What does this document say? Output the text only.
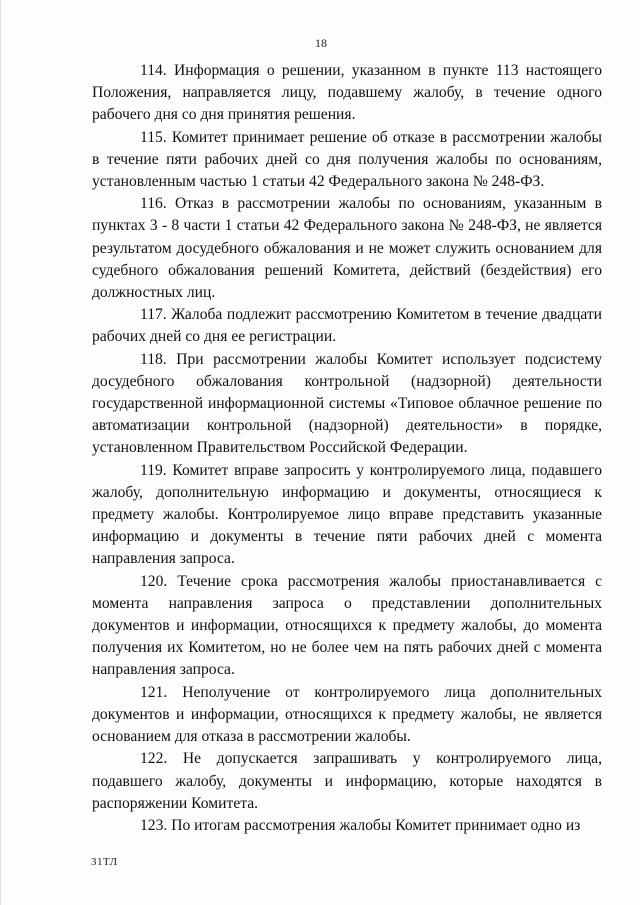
18

114. Информация о решении, указанном в пункте 113 настоящего Положения, направляется лицу, подавшему жалобу, в течение одного рабочего дня со дня принятия решения.

115. Комитет принимает решение об отказе в рассмотрении жалобы в течение пяти рабочих дней со дня получения жалобы по основаниям, установленным частью 1 статьи 42 Федерального закона № 248-ФЗ.

116. Отказ в рассмотрении жалобы по основаниям, указанным в пунктах 3 - 8 части 1 статьи 42 Федерального закона № 248-ФЗ, не является результатом досудебного обжалования и не может служить основанием для судебного обжалования решений Комитета, действий (бездействия) его должностных лиц.

117. Жалоба подлежит рассмотрению Комитетом в течение двадцати рабочих дней со дня ее регистрации.

118. При рассмотрении жалобы Комитет использует подсистему досудебного обжалования контрольной (надзорной) деятельности государственной информационной системы «Типовое облачное решение по автоматизации контрольной (надзорной) деятельности» в порядке, установленном Правительством Российской Федерации.

119. Комитет вправе запросить у контролируемого лица, подавшего жалобу, дополнительную информацию и документы, относящиеся к предмету жалобы. Контролируемое лицо вправе представить указанные информацию и документы в течение пяти рабочих дней с момента направления запроса.

120. Течение срока рассмотрения жалобы приостанавливается с момента направления запроса о представлении дополнительных документов и информации, относящихся к предмету жалобы, до момента получения их Комитетом, но не более чем на пять рабочих дней с момента направления запроса.

121. Неполучение от контролируемого лица дополнительных документов и информации, относящихся к предмету жалобы, не является основанием для отказа в рассмотрении жалобы.

122. Не допускается запрашивать у контролируемого лица, подавшего жалобу, документы и информацию, которые находятся в распоряжении Комитета.

123. По итогам рассмотрения жалобы Комитет принимает одно из

31ТЛ
